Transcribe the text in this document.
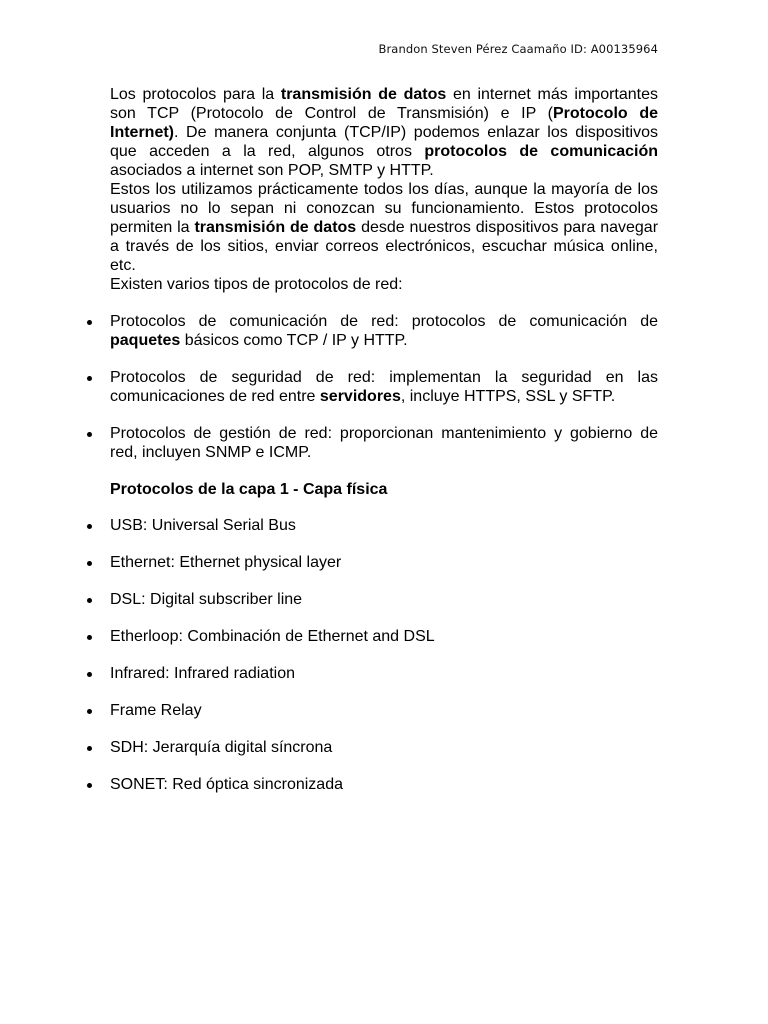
Brandon Steven Pérez Caamaño ID: A00135964

Los protocolos para la transmisión de datos en internet más importantes son TCP (Protocolo de Control de Transmisión) e IP (Protocolo de Internet). De manera conjunta (TCP/IP) podemos enlazar los dispositivos que acceden a la red, algunos otros protocolos de comunicación asociados a internet son POP, SMTP y HTTP.

Estos los utilizamos prácticamente todos los días, aunque la mayoría de los usuarios no lo sepan ni conozcan su funcionamiento. Estos protocolos permiten la transmisión de datos desde nuestros dispositivos para navegar a través de los sitios, enviar correos electrónicos, escuchar música online, etc.

Existen varios tipos de protocolos de red:

Protocolos de comunicación de red: protocolos de comunicación de paquetes básicos como TCP / IP y HTTP.
Protocolos de seguridad de red: implementan la seguridad en las comunicaciones de red entre servidores, incluye HTTPS, SSL y SFTP.
Protocolos de gestión de red: proporcionan mantenimiento y gobierno de red, incluyen SNMP e ICMP.

Protocolos de la capa 1 - Capa física

USB: Universal Serial Bus
Ethernet: Ethernet physical layer
DSL: Digital subscriber line
Etherloop: Combinación de Ethernet and DSL
Infrared: Infrared radiation
Frame Relay
SDH: Jerarquía digital síncrona
SONET: Red óptica sincronizada
